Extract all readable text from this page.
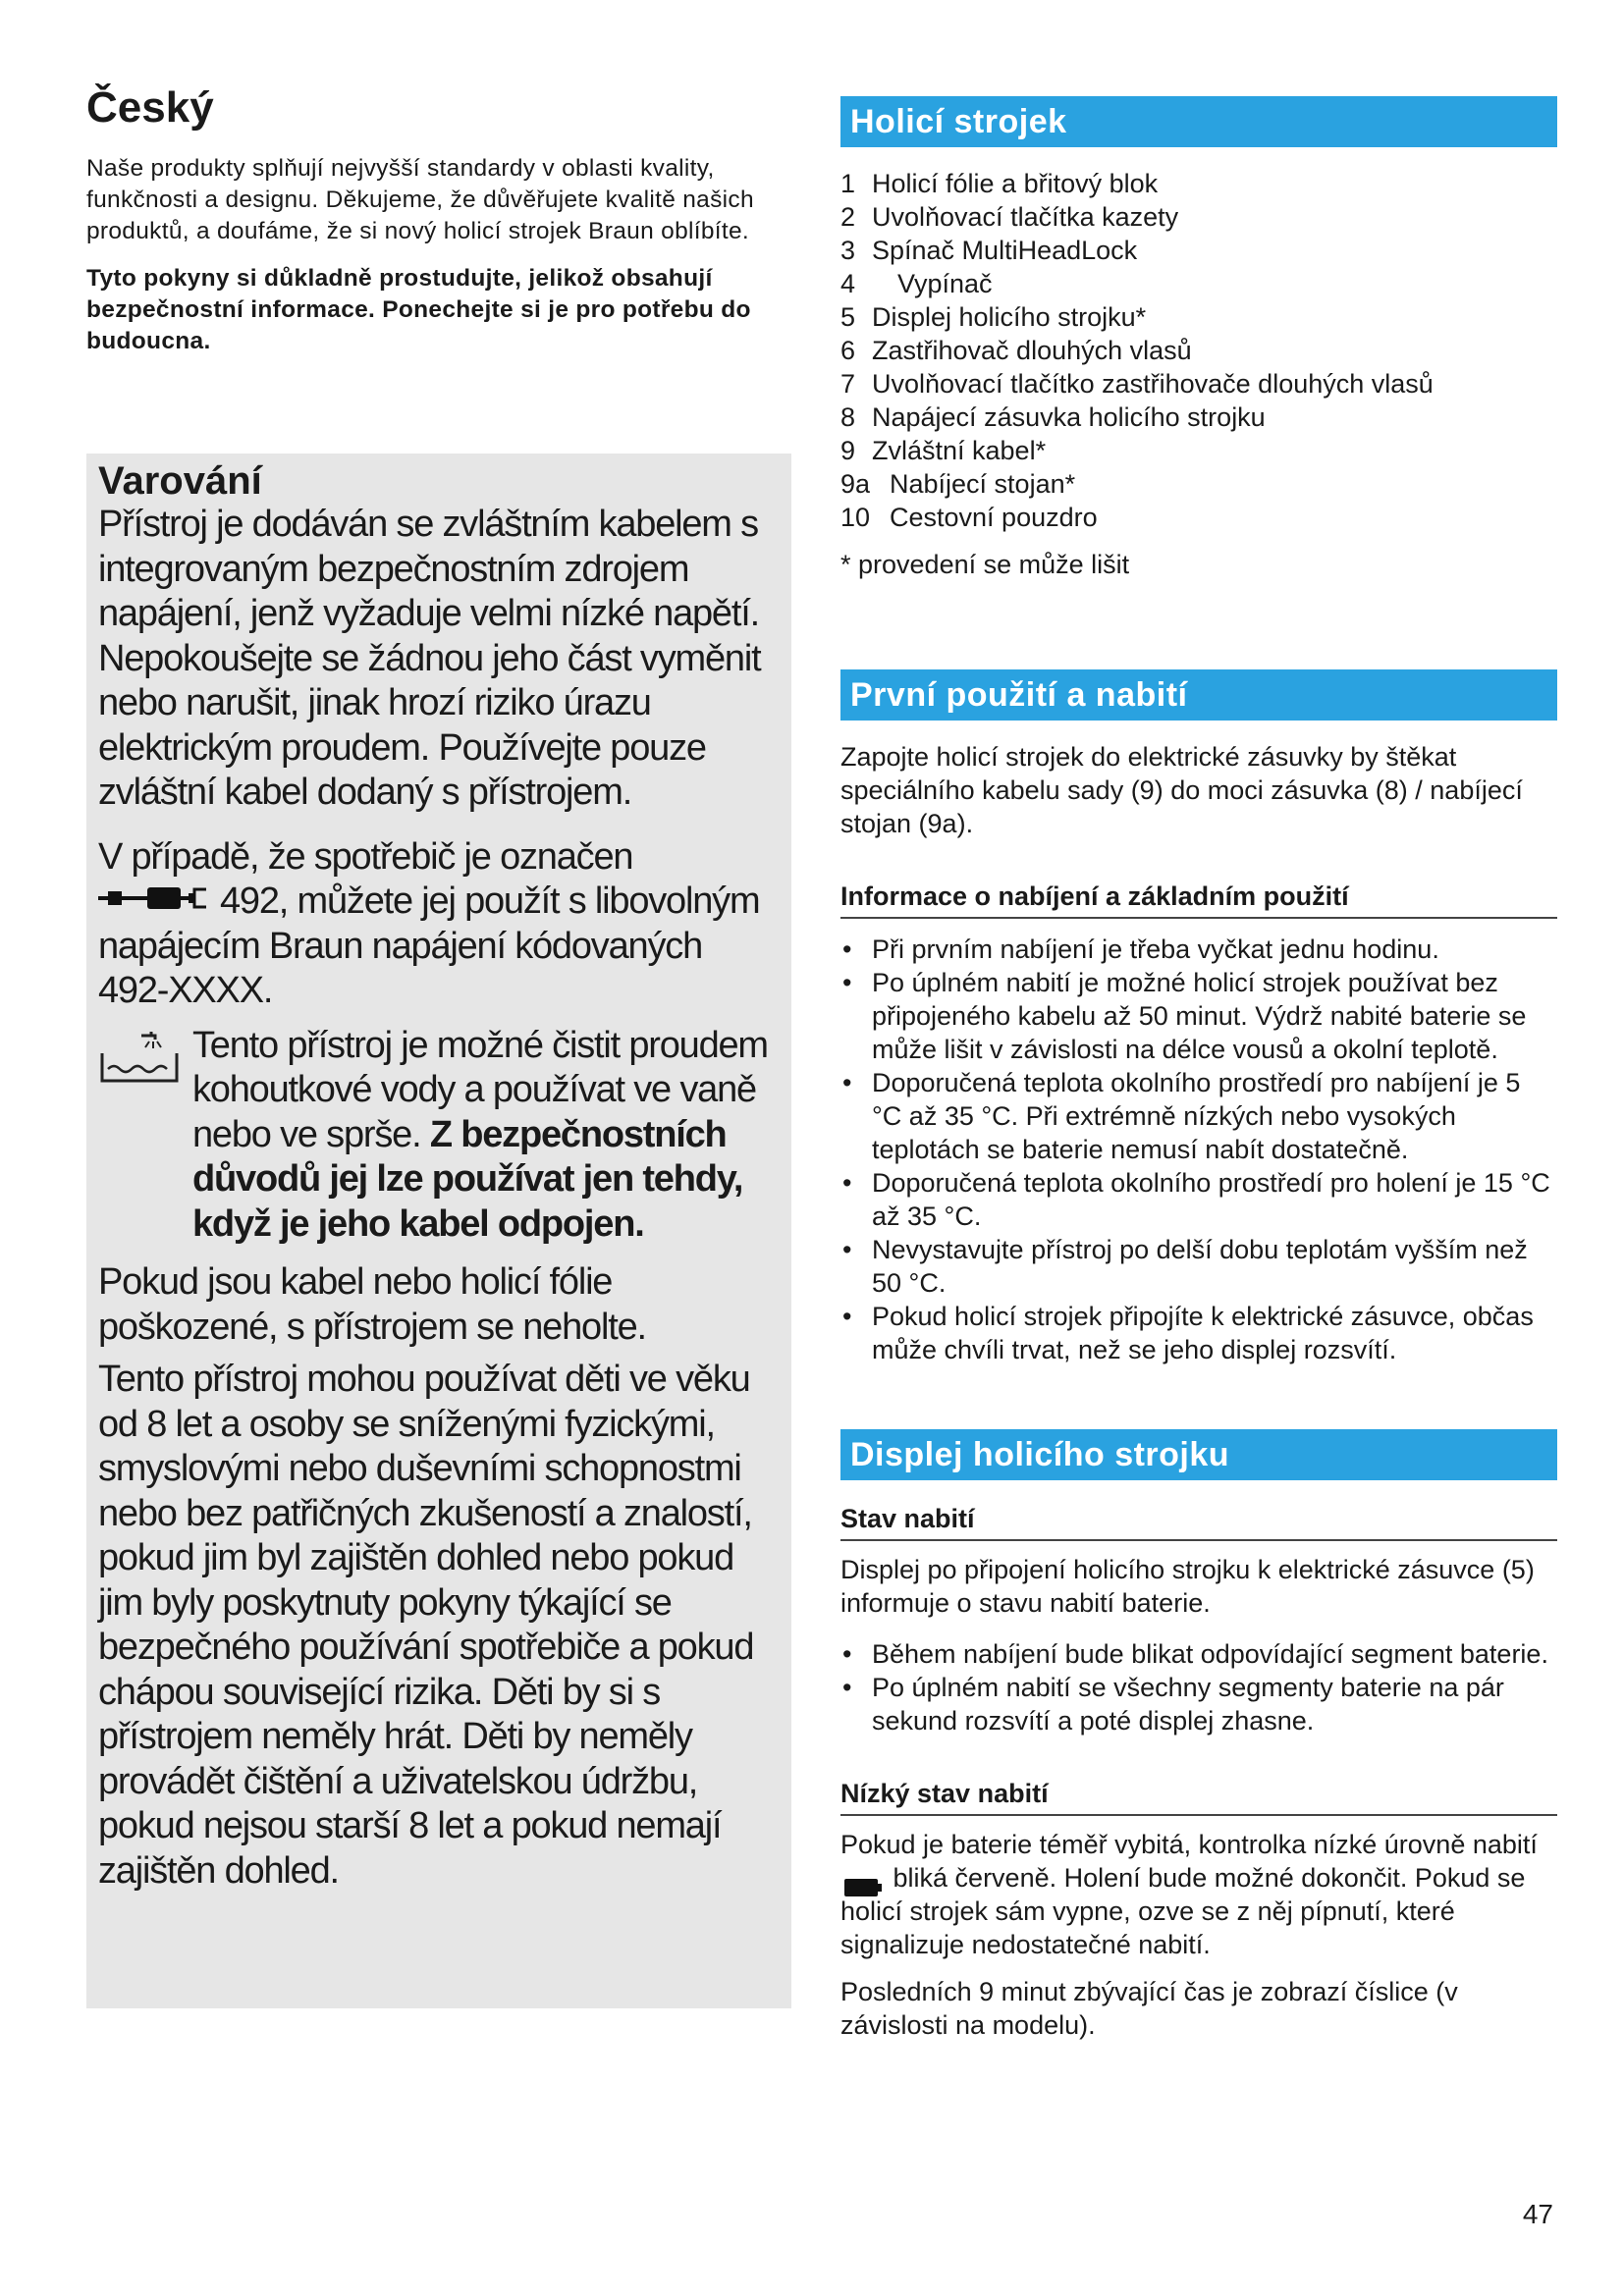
Český

Naše produkty splňují nejvyšší standardy v oblasti kvality, funkčnosti a designu. Děkujeme, že důvěřujete kvalitě našich produktů, a doufáme, že si nový holicí strojek Braun oblíbíte.

Tyto pokyny si důkladně prostudujte, jelikož obsahují bezpečnostní informace. Ponechejte si je pro potřebu do budoucna.

Varování

Přístroj je dodáván se zvláštním kabelem s integrovaným bezpečnostním zdrojem napájení, jenž vyžaduje velmi nízké napětí. Nepokoušejte se žádnou jeho část vyměnit nebo narušit, jinak hrozí riziko úrazu elektrickým proudem. Používejte pouze zvláštní kabel dodaný s přístrojem.

V případě, že spotřebič je označen
492, můžete jej použít s libovolným napájecím Braun napájení kódovaných 492-XXXX.

Tento přístroj je možné čistit proudem kohoutkové vody a používat ve vaně nebo ve sprše. Z bezpečnostních důvodů jej lze používat jen tehdy, když je jeho kabel odpojen.

Pokud jsou kabel nebo holicí fólie poškozené, s přístrojem se neholte.

Tento přístroj mohou používat děti ve věku od 8 let a osoby se sníženými fyzickými, smyslovými nebo duševními schopnostmi nebo bez patřičných zkušeností a znalostí, pokud jim byl zajištěn dohled nebo pokud jim byly poskytnuty pokyny týkající se bezpečného používání spotřebiče a pokud chápou související rizika. Děti by si s přístrojem neměly hrát. Děti by neměly provádět čištění a uživatelskou údržbu, pokud nejsou starší 8 let a pokud nemají zajištěn dohled.

Holicí strojek
1 Holicí fólie a břitový blok
2 Uvolňovací tlačítka kazety
3 Spínač MultiHeadLock
4	Vypínač
5 Displej holicího strojku*
6 Zastřihovač dlouhých vlasů
7 Uvolňovací tlačítko zastřihovače dlouhých vlasů
8 Napájecí zásuvka holicího strojku
9 Zvláštní kabel*
9a Nabíjecí stojan*
10 Cestovní pouzdro

* provedení se může lišit

První použití a nabití

Zapojte holicí strojek do elektrické zásuvky by štěkat speciálního kabelu sady (9) do moci zásuvka (8) / nabíjecí stojan (9a).

Informace o nabíjení a základním použití
• Při prvním nabíjení je třeba vyčkat jednu hodinu.
• Po úplném nabití je možné holicí strojek používat bez připojeného kabelu až 50 minut. Výdrž nabité baterie se může lišit v závislosti na délce vousů a okolní teplotě.
• Doporučená teplota okolního prostředí pro nabíjení je 5 °C až 35 °C. Při extrémně nízkých nebo vysokých teplotách se baterie nemusí nabít dostatečně.
• Doporučená teplota okolního prostředí pro holení je 15 °C až 35 °C.
• Nevystavujte přístroj po delší dobu teplotám vyšším než 50 °C.
• Pokud holicí strojek připojíte k elektrické zásuvce, občas může chvíli trvat, než se jeho displej rozsvítí.
Displej holicího strojku
Stav nabití

Displej po připojení holicího strojku k elektrické zásuvce (5) informuje o stavu nabití baterie.

• Během nabíjení bude blikat odpovídající segment baterie.
• Po úplném nabití se všechny segmenty baterie na pár sekund rozsvítí a poté displej zhasne.
Nízký stav nabití

Pokud je baterie téměř vybitá, kontrolka nízké úrovně nabití  bliká červeně. Holení bude možné dokončit. Pokud se holicí strojek sám vypne, ozve se z něj pípnutí, které signalizuje nedostatečné nabití.

Posledních 9 minut zbývající čas je zobrazí číslice (v závislosti na modelu).

47
